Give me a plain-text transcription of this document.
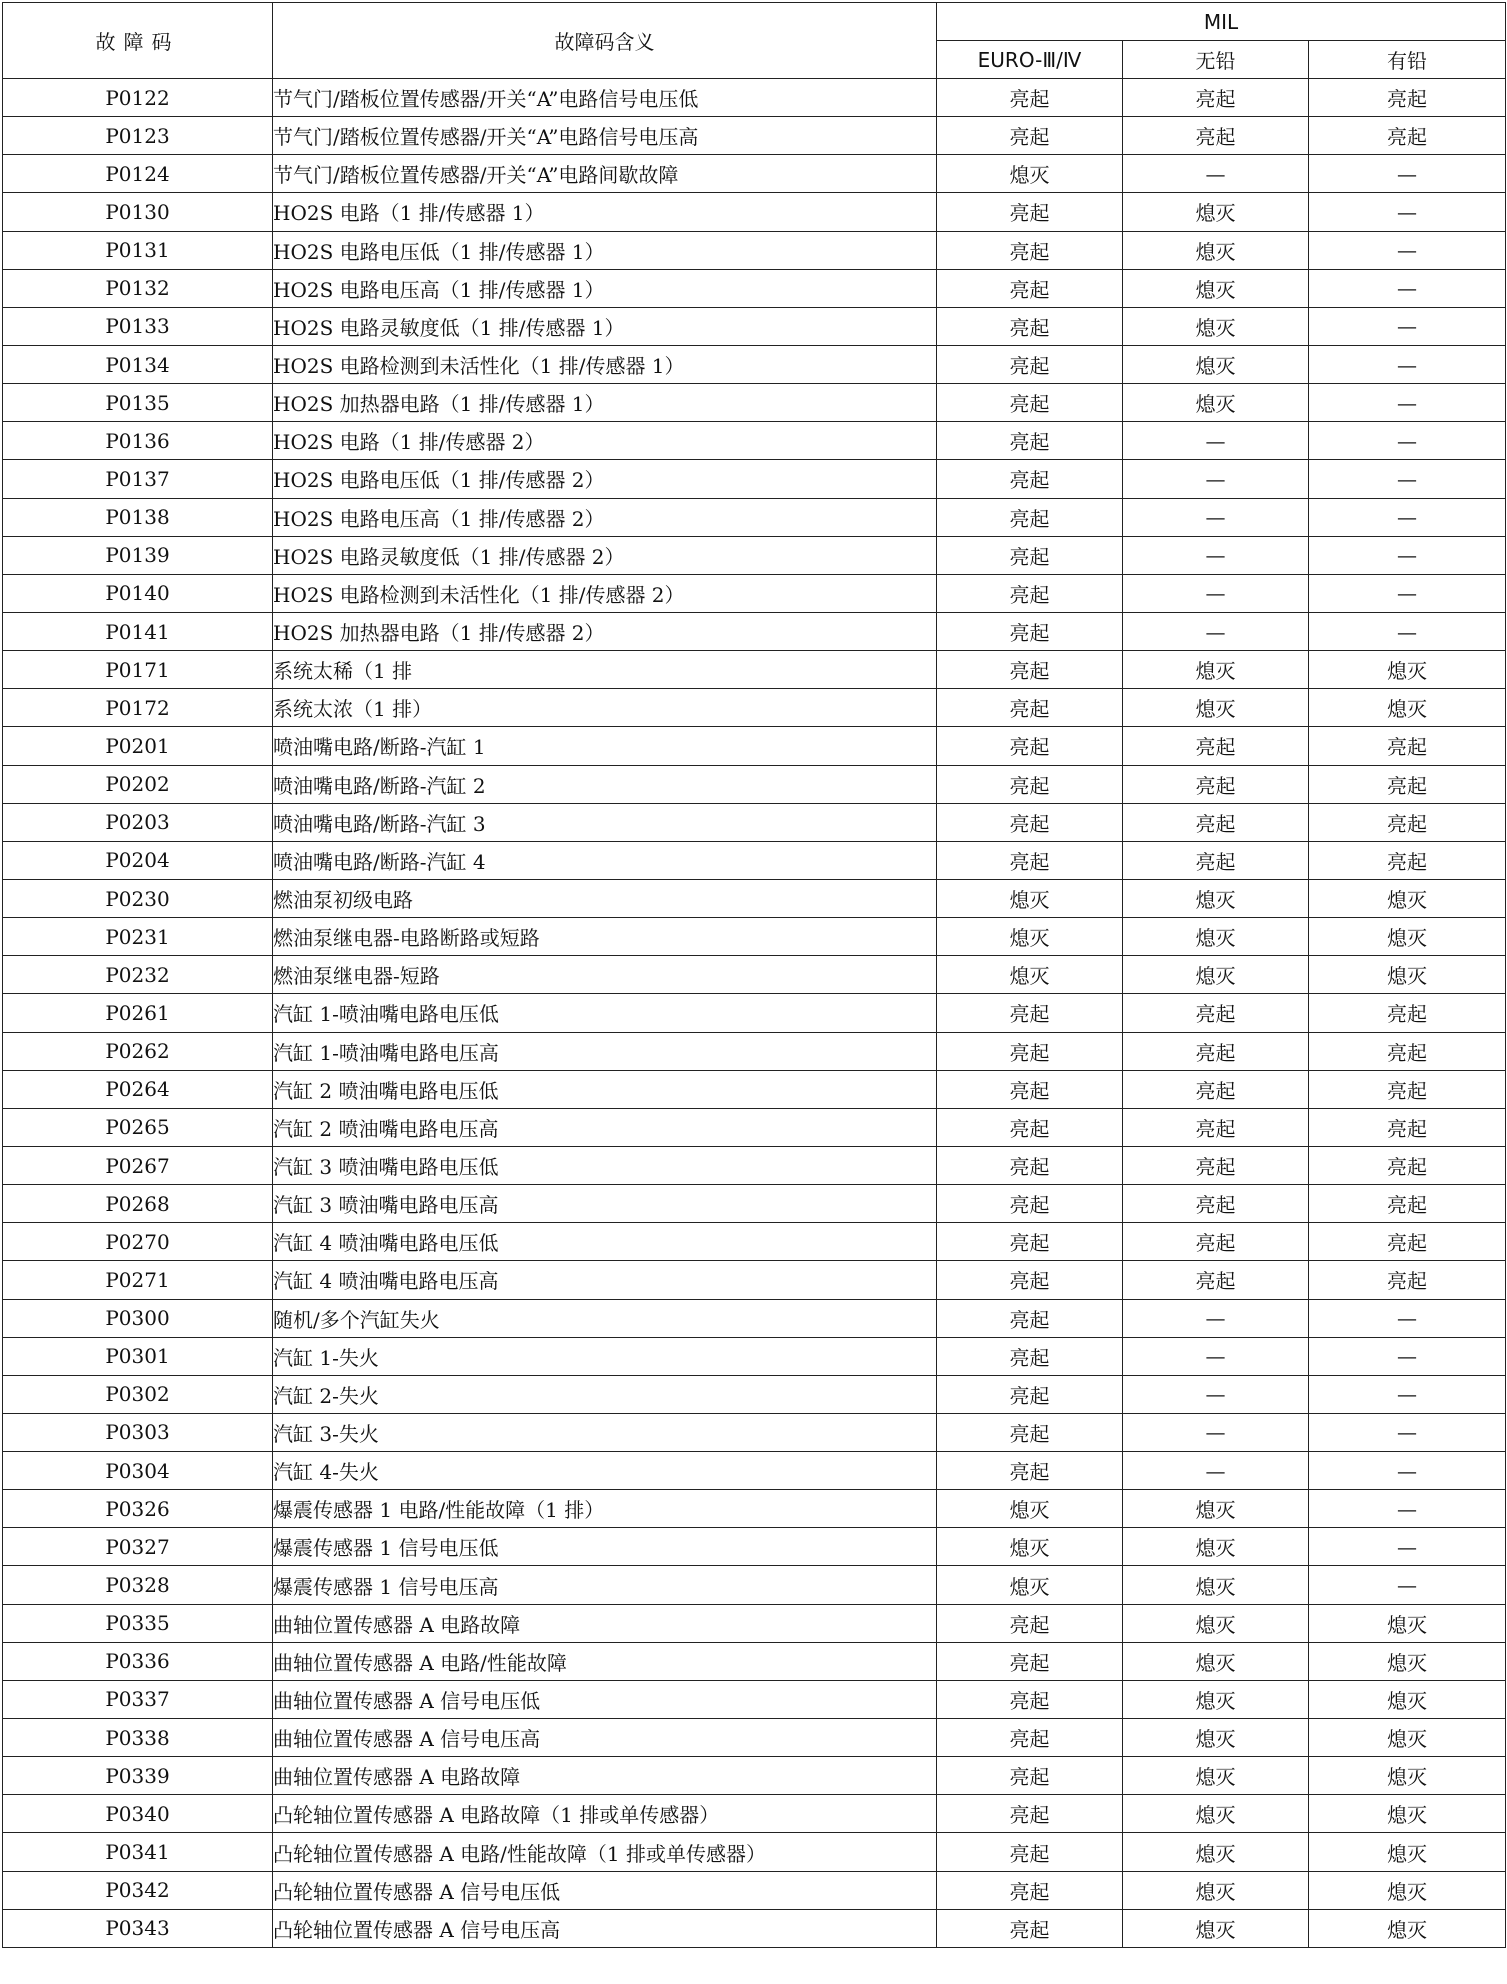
故障码	故障码含义	MIL		
		EURO-Ⅲ/Ⅳ	无铅	有铅
P0122	节气门/踏板位置传感器/开关“A”电路信号电压低	亮起	亮起	亮起
P0123	节气门/踏板位置传感器/开关“A”电路信号电压高	亮起	亮起	亮起
P0124	节气门/踏板位置传感器/开关“A”电路间歇故障	熄灭	—	—
P0130	HO2S 电路（1 排/传感器 1）	亮起	熄灭	—
P0131	HO2S 电路电压低（1 排/传感器 1）	亮起	熄灭	—
P0132	HO2S 电路电压高（1 排/传感器 1）	亮起	熄灭	—
P0133	HO2S 电路灵敏度低（1 排/传感器 1）	亮起	熄灭	—
P0134	HO2S 电路检测到未活性化（1 排/传感器 1）	亮起	熄灭	—
P0135	HO2S 加热器电路（1 排/传感器 1）	亮起	熄灭	—
P0136	HO2S 电路（1 排/传感器 2）	亮起	—	—
P0137	HO2S 电路电压低（1 排/传感器 2）	亮起	—	—
P0138	HO2S 电路电压高（1 排/传感器 2）	亮起	—	—
P0139	HO2S 电路灵敏度低（1 排/传感器 2）	亮起	—	—
P0140	HO2S 电路检测到未活性化（1 排/传感器 2）	亮起	—	—
P0141	HO2S 加热器电路（1 排/传感器 2）	亮起	—	—
P0171	系统太稀（1 排	亮起	熄灭	熄灭
P0172	系统太浓（1 排）	亮起	熄灭	熄灭
P0201	喷油嘴电路/断路-汽缸 1	亮起	亮起	亮起
P0202	喷油嘴电路/断路-汽缸 2	亮起	亮起	亮起
P0203	喷油嘴电路/断路-汽缸 3	亮起	亮起	亮起
P0204	喷油嘴电路/断路-汽缸 4	亮起	亮起	亮起
P0230	燃油泵初级电路	熄灭	熄灭	熄灭
P0231	燃油泵继电器-电路断路或短路	熄灭	熄灭	熄灭
P0232	燃油泵继电器-短路	熄灭	熄灭	熄灭
P0261	汽缸 1-喷油嘴电路电压低	亮起	亮起	亮起
P0262	汽缸 1-喷油嘴电路电压高	亮起	亮起	亮起
P0264	汽缸 2 喷油嘴电路电压低	亮起	亮起	亮起
P0265	汽缸 2 喷油嘴电路电压高	亮起	亮起	亮起
P0267	汽缸 3 喷油嘴电路电压低	亮起	亮起	亮起
P0268	汽缸 3 喷油嘴电路电压高	亮起	亮起	亮起
P0270	汽缸 4 喷油嘴电路电压低	亮起	亮起	亮起
P0271	汽缸 4 喷油嘴电路电压高	亮起	亮起	亮起
P0300	随机/多个汽缸失火	亮起	—	—
P0301	汽缸 1-失火	亮起	—	—
P0302	汽缸 2-失火	亮起	—	—
P0303	汽缸 3-失火	亮起	—	—
P0304	汽缸 4-失火	亮起	—	—
P0326	爆震传感器 1 电路/性能故障（1 排）	熄灭	熄灭	—
P0327	爆震传感器 1 信号电压低	熄灭	熄灭	—
P0328	爆震传感器 1 信号电压高	熄灭	熄灭	—
P0335	曲轴位置传感器 A 电路故障	亮起	熄灭	熄灭
P0336	曲轴位置传感器 A 电路/性能故障	亮起	熄灭	熄灭
P0337	曲轴位置传感器 A 信号电压低	亮起	熄灭	熄灭
P0338	曲轴位置传感器 A 信号电压高	亮起	熄灭	熄灭
P0339	曲轴位置传感器 A 电路故障	亮起	熄灭	熄灭
P0340	凸轮轴位置传感器 A 电路故障（1 排或单传感器）	亮起	熄灭	熄灭
P0341	凸轮轴位置传感器 A 电路/性能故障（1 排或单传感器）	亮起	熄灭	熄灭
P0342	凸轮轴位置传感器 A 信号电压低	亮起	熄灭	熄灭
P0343	凸轮轴位置传感器 A 信号电压高	亮起	熄灭	熄灭
